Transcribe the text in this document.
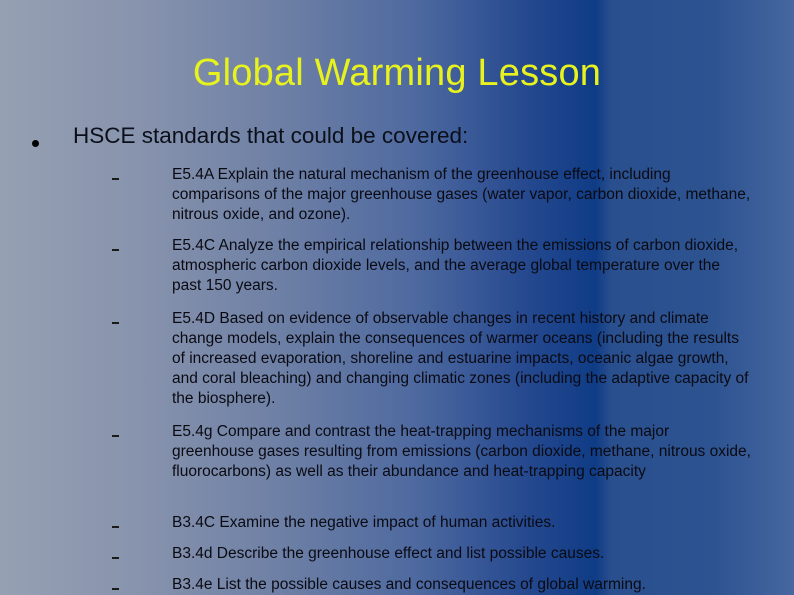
Global Warming Lesson
HSCE standards that could be covered:
E5.4A Explain the natural mechanism of the greenhouse effect, including comparisons of the major greenhouse gases (water vapor, carbon dioxide, methane, nitrous oxide, and ozone).
E5.4C Analyze the empirical relationship between the emissions of carbon dioxide, atmospheric carbon dioxide levels, and the average global temperature over the past 150 years.
E5.4D Based on evidence of observable changes in recent history and climate change models, explain the consequences of warmer oceans (including the results of increased evaporation, shoreline and estuarine impacts, oceanic algae growth, and coral bleaching) and changing climatic zones (including the adaptive capacity of the biosphere).
E5.4g Compare and contrast the heat-trapping mechanisms of the major greenhouse gases resulting from emissions (carbon dioxide, methane, nitrous oxide, fluorocarbons) as well as their abundance and heat-trapping capacity
B3.4C Examine the negative impact of human activities.
B3.4d Describe the greenhouse effect and list possible causes.
B3.4e List the possible causes and consequences of global warming.
